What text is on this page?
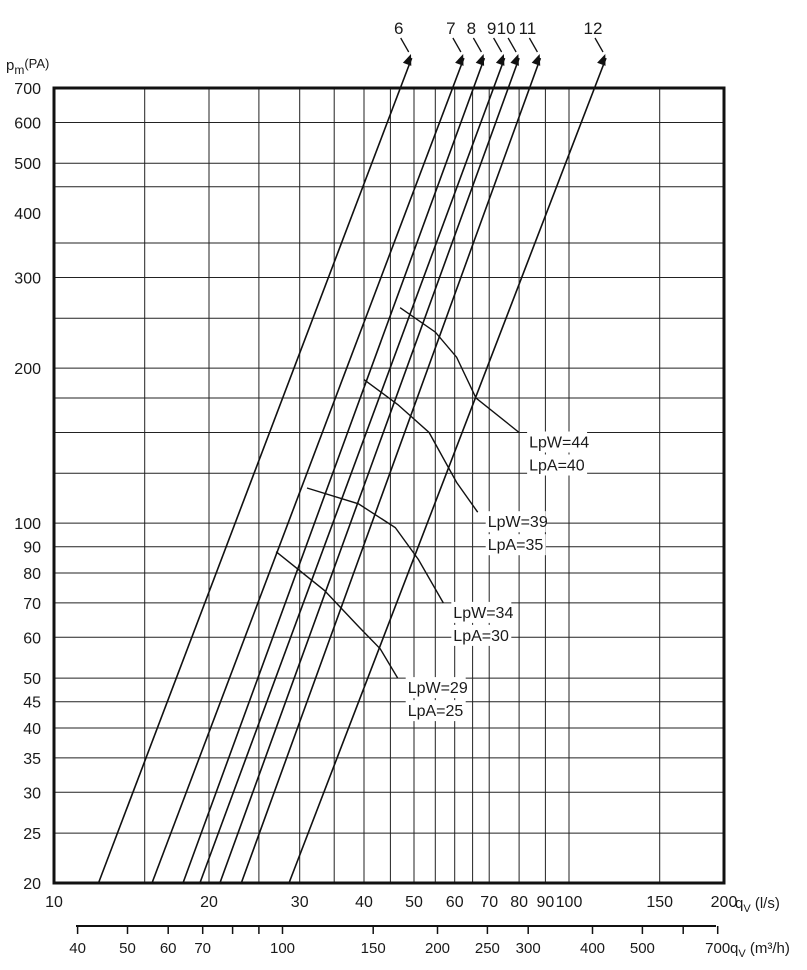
LpW=44
LpA=40
LpW=39
LpA=35
LpW=34
LpA=30
LpW=29
LpA=25
6	7 8 9 10 11	12
20
25
30
35
40
45
50
60
70
80
90
100
200
300
400
500
600
700
10	20	30	40 50 60 70 80 90 100	150 200
40 50 60 70	100	150	200 250 300	400 500	700
$p_m(PA)$
$q_V$ (l/s)
$q_V$ (m³/h)
